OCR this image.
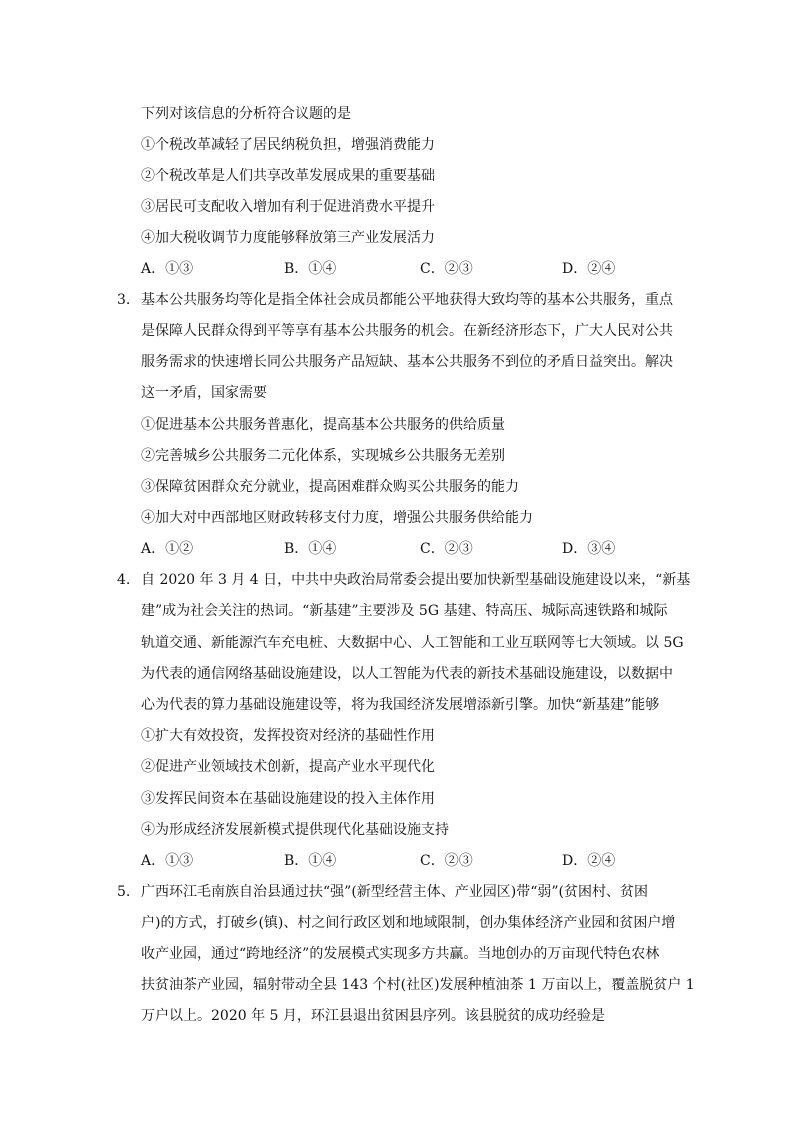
下列对该信息的分析符合议题的是
①个税改革减轻了居民纳税负担，增强消费能力
②个税改革是人们共享改革发展成果的重要基础
③居民可支配收入增加有利于促进消费水平提升
④加大税收调节力度能够释放第三产业发展活力
A．①③	B．①④	C．②③	D．②④
3. 基本公共服务均等化是指全体社会成员都能公平地获得大致均等的基本公共服务，重点
是保障人民群众得到平等享有基本公共服务的机会。在新经济形态下，广大人民对公共
服务需求的快速增长同公共服务产品短缺、基本公共服务不到位的矛盾日益突出。解决
这一矛盾，国家需要
①促进基本公共服务普惠化，提高基本公共服务的供给质量
②完善城乡公共服务二元化体系，实现城乡公共服务无差别
③保障贫困群众充分就业，提高困难群众购买公共服务的能力
④加大对中西部地区财政转移支付力度，增强公共服务供给能力
A．①②	B．①④	C．②③	D．③④
4. 自 2020 年 3 月 4 日，中共中央政治局常委会提出要加快新型基础设施建设以来，“新基
建”成为社会关注的热词。“新基建”主要涉及 5G 基建、特高压、城际高速铁路和城际
轨道交通、新能源汽车充电桩、大数据中心、人工智能和工业互联网等七大领域。以 5G
为代表的通信网络基础设施建设，以人工智能为代表的新技术基础设施建设，以数据中
心为代表的算力基础设施建设等，将为我国经济发展增添新引擎。加快“新基建”能够
①扩大有效投资，发挥投资对经济的基础性作用
②促进产业领域技术创新，提高产业水平现代化
③发挥民间资本在基础设施建设的投入主体作用
④为形成经济发展新模式提供现代化基础设施支持
A．①③	B．①④	C．②③	D．②④
5. 广西环江毛南族自治县通过扶“强”(新型经营主体、产业园区)带“弱”(贫困村、贫困
户)的方式，打破乡(镇)、村之间行政区划和地域限制，创办集体经济产业园和贫困户增
收产业园，通过“跨地经济”的发展模式实现多方共赢。当地创办的万亩现代特色农林
扶贫油茶产业园，辐射带动全县 143 个村(社区)发展种植油茶 1 万亩以上，覆盖脱贫户 1
万户以上。2020 年 5 月，环江县退出贫困县序列。该县脱贫的成功经验是
